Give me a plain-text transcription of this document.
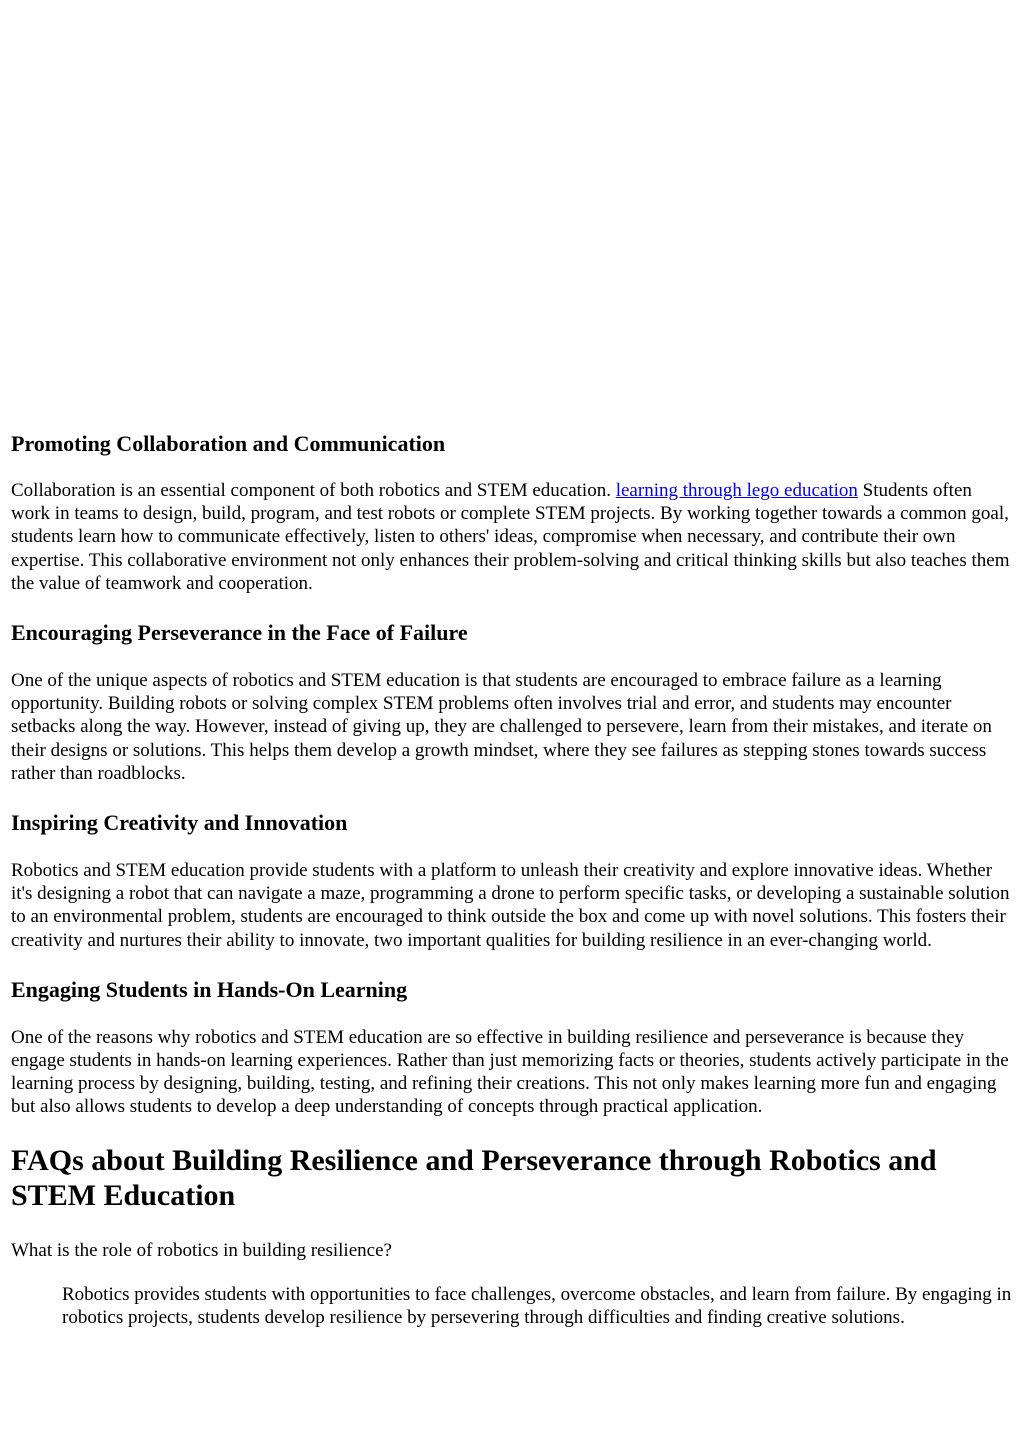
Promoting Collaboration and Communication

Collaboration is an essential component of both robotics and STEM education. learning through lego education Students often work in teams to design, build, program, and test robots or complete STEM projects. By working together towards a common goal, students learn how to communicate effectively, listen to others' ideas, compromise when necessary, and contribute their own expertise. This collaborative environment not only enhances their problem-solving and critical thinking skills but also teaches them the value of teamwork and cooperation.

Encouraging Perseverance in the Face of Failure

One of the unique aspects of robotics and STEM education is that students are encouraged to embrace failure as a learning opportunity. Building robots or solving complex STEM problems often involves trial and error, and students may encounter setbacks along the way. However, instead of giving up, they are challenged to persevere, learn from their mistakes, and iterate on their designs or solutions. This helps them develop a growth mindset, where they see failures as stepping stones towards success rather than roadblocks.

Inspiring Creativity and Innovation

Robotics and STEM education provide students with a platform to unleash their creativity and explore innovative ideas. Whether it's designing a robot that can navigate a maze, programming a drone to perform specific tasks, or developing a sustainable solution to an environmental problem, students are encouraged to think outside the box and come up with novel solutions. This fosters their creativity and nurtures their ability to innovate, two important qualities for building resilience in an ever-changing world.

Engaging Students in Hands-On Learning

One of the reasons why robotics and STEM education are so effective in building resilience and perseverance is because they engage students in hands-on learning experiences. Rather than just memorizing facts or theories, students actively participate in the learning process by designing, building, testing, and refining their creations. This not only makes learning more fun and engaging but also allows students to develop a deep understanding of concepts through practical application.

FAQs about Building Resilience and Perseverance through Robotics and STEM Education

What is the role of robotics in building resilience?

Robotics provides students with opportunities to face challenges, overcome obstacles, and learn from failure. By engaging in robotics projects, students develop resilience by persevering through difficulties and finding creative solutions.
